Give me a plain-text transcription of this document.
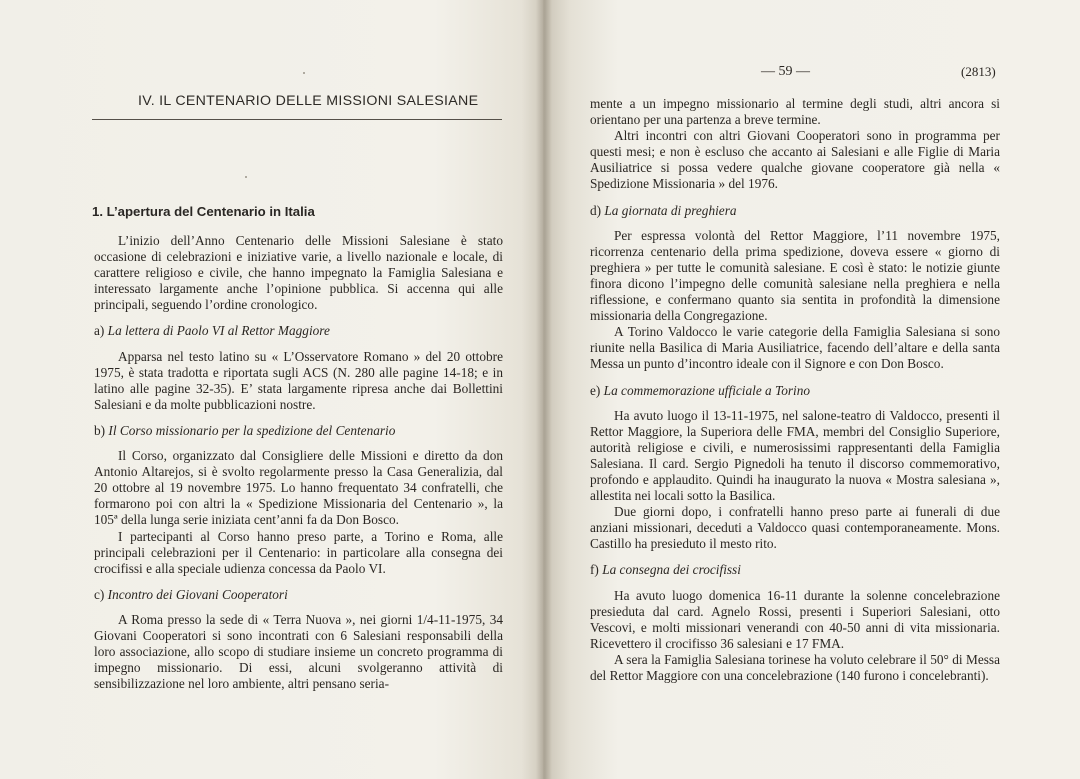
IV. IL CENTENARIO DELLE MISSIONI SALESIANE
1. L’apertura del Centenario in Italia

L’inizio dell’Anno Centenario delle Missioni Salesiane è stato occasione di celebrazioni e iniziative varie, a livello nazionale e locale, di carattere religioso e civile, che hanno impegnato la Famiglia Salesiana e interessato largamente anche l’opinione pubblica. Si accenna qui alle principali, seguendo l’ordine cronologico.

a) La lettera di Paolo VI al Rettor Maggiore

Apparsa nel testo latino su « L’Osservatore Romano » del 20 ottobre 1975, è stata tradotta e riportata sugli ACS (N. 280 alle pagine 14-18; e in latino alle pagine 32-35). E’ stata largamente ripresa anche dai Bollettini Salesiani e da molte pubblicazioni nostre.

b) Il Corso missionario per la spedizione del Centenario

Il Corso, organizzato dal Consigliere delle Missioni e diretto da don Antonio Altarejos, si è svolto regolarmente presso la Casa Generalizia, dal 20 ottobre al 19 novembre 1975. Lo hanno frequentato 34 confratelli, che formarono poi con altri la « Spedizione Missionaria del Centenario », la 105ª della lunga serie iniziata cent’anni fa da Don Bosco.

I partecipanti al Corso hanno preso parte, a Torino e Roma, alle principali celebrazioni per il Centenario: in particolare alla consegna dei crocifissi e alla speciale udienza concessa da Paolo VI.

c) Incontro dei Giovani Cooperatori

A Roma presso la sede di « Terra Nuova », nei giorni 1/4-11-1975, 34 Giovani Cooperatori si sono incontrati con 6 Salesiani responsabili della loro associazione, allo scopo di studiare insieme un concreto programma di impegno missionario. Di essi, alcuni svolgeranno attività di sensibilizzazione nel loro ambiente, altri pensano seria-

— 59 —	(2813)

mente a un impegno missionario al termine degli studi, altri ancora si orientano per una partenza a breve termine.

Altri incontri con altri Giovani Cooperatori sono in programma per questi mesi; e non è escluso che accanto ai Salesiani e alle Figlie di Maria Ausiliatrice si possa vedere qualche giovane cooperatore già nella « Spedizione Missionaria » del 1976.

d) La giornata di preghiera

Per espressa volontà del Rettor Maggiore, l’11 novembre 1975, ricorrenza centenario della prima spedizione, doveva essere « giorno di preghiera » per tutte le comunità salesiane. E così è stato: le notizie giunte finora dicono l’impegno delle comunità salesiane nella preghiera e nella riflessione, e confermano quanto sia sentita in profondità la dimensione missionaria della Congregazione.

A Torino Valdocco le varie categorie della Famiglia Salesiana si sono riunite nella Basilica di Maria Ausiliatrice, facendo dell’altare e della santa Messa un punto d’incontro ideale con il Signore e con Don Bosco.

e) La commemorazione ufficiale a Torino

Ha avuto luogo il 13-11-1975, nel salone-teatro di Valdocco, presenti il Rettor Maggiore, la Superiora delle FMA, membri del Consiglio Superiore, autorità religiose e civili, e numerosissimi rappresentanti della Famiglia Salesiana. Il card. Sergio Pignedoli ha tenuto il discorso commemorativo, profondo e applaudito. Quindi ha inaugurato la nuova « Mostra salesiana », allestita nei locali sotto la Basilica.

Due giorni dopo, i confratelli hanno preso parte ai funerali di due anziani missionari, deceduti a Valdocco quasi contemporaneamente. Mons. Castillo ha presieduto il mesto rito.

f) La consegna dei crocifissi

Ha avuto luogo domenica 16-11 durante la solenne concelebrazione presieduta dal card. Agnelo Rossi, presenti i Superiori Salesiani, otto Vescovi, e molti missionari venerandi con 40-50 anni di vita missionaria. Ricevettero il crocifisso 36 salesiani e 17 FMA.

A sera la Famiglia Salesiana torinese ha voluto celebrare il 50° di Messa del Rettor Maggiore con una concelebrazione (140 furono i concelebranti).
